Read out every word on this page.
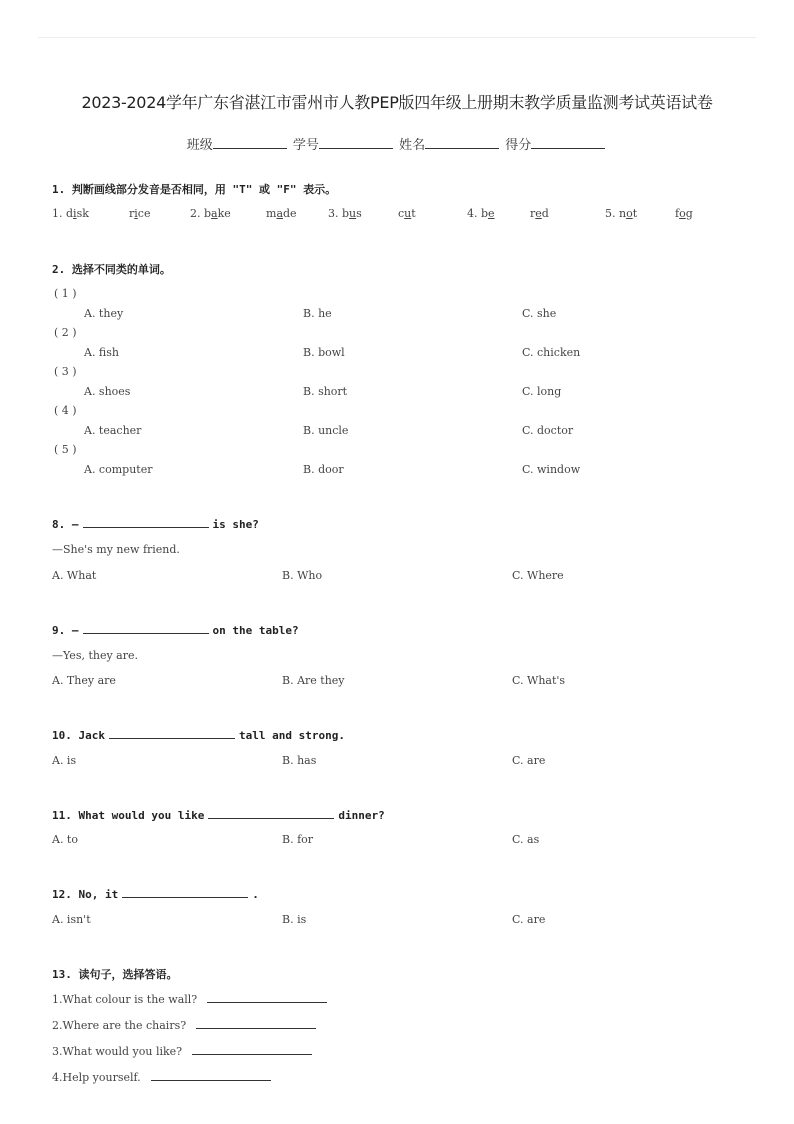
2023-2024学年广东省湛江市雷州市人教PEP版四年级上册期末教学质量监测考试英语试卷
班级	学号	姓名	得分
1. 判断画线部分发音是否相同，用 "T" 或 "F" 表示。
1. disk	rice	2. bake	made	3. bus	cut	4. be	red	5. not	fog
2. 选择不同类的单词。
( 1 )
A. they	B. he	C. she
( 2 )
A. fish	B. bowl	C. chicken
( 3 )
A. shoes	B. short	C. long
( 4 )
A. teacher	B. uncle	C. doctor
( 5 )
A. computer	B. door	C. window
8. —	is she?
—She's my new friend.
A. What	B. Who	C. Where
9. —	on the table?
—Yes, they are.
A. They are	B. Are they	C. What's
10. Jack	tall and strong.
A. is	B. has	C. are
11. What would you like	dinner?
A. to	B. for	C. as
12. No, it	.
A. isn't	B. is	C. are
13. 读句子，选择答语。
1.What colour is the wall?
2.Where are the chairs?
3.What would you like?
4.Help yourself.
